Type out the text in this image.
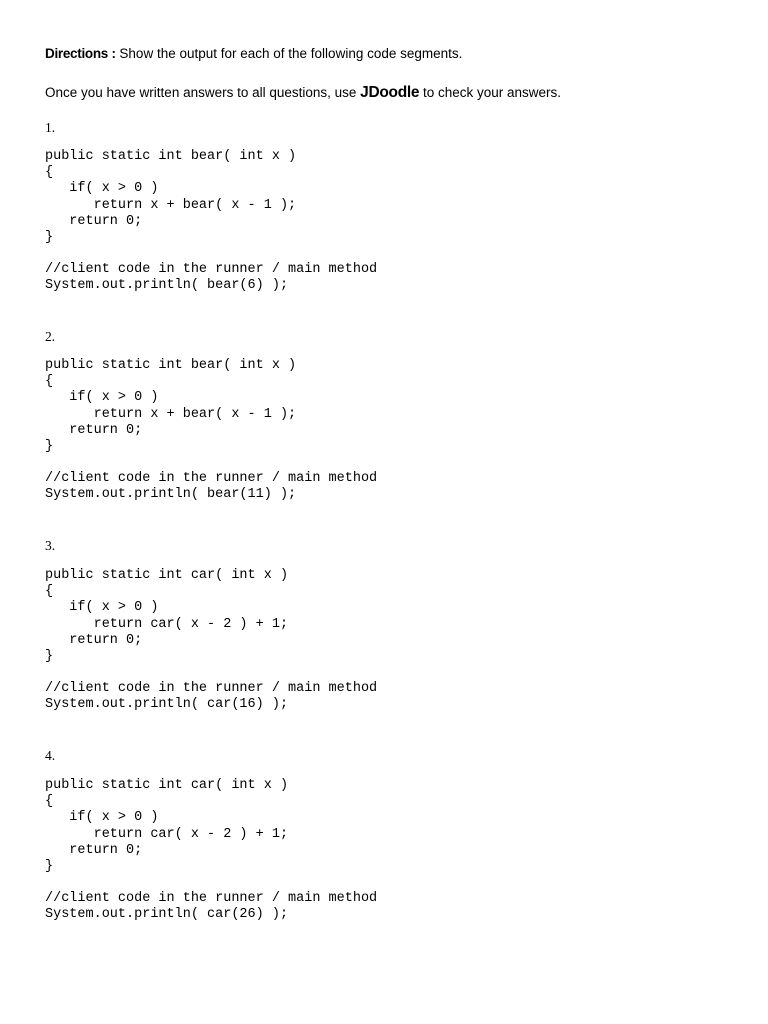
Directions : Show the output for each of the following code segments.
Once you have written answers to all questions, use JDoodle to check your answers.
1.
public static int bear( int x )
{
if( x > 0 )
return x + bear( x - 1 );
return 0;
}
//client code in the runner / main method
System.out.println( bear(6) );
2.
public static int bear( int x )
{
if( x > 0 )
return x + bear( x - 1 );
return 0;
}
//client code in the runner / main method
System.out.println( bear(11) );
3.
public static int car( int x )
{
if( x > 0 )
return car( x - 2 ) + 1;
return 0;
}
//client code in the runner / main method
System.out.println( car(16) );
4.
public static int car( int x )
{
if( x > 0 )
return car( x - 2 ) + 1;
return 0;
}
//client code in the runner / main method
System.out.println( car(26) );
